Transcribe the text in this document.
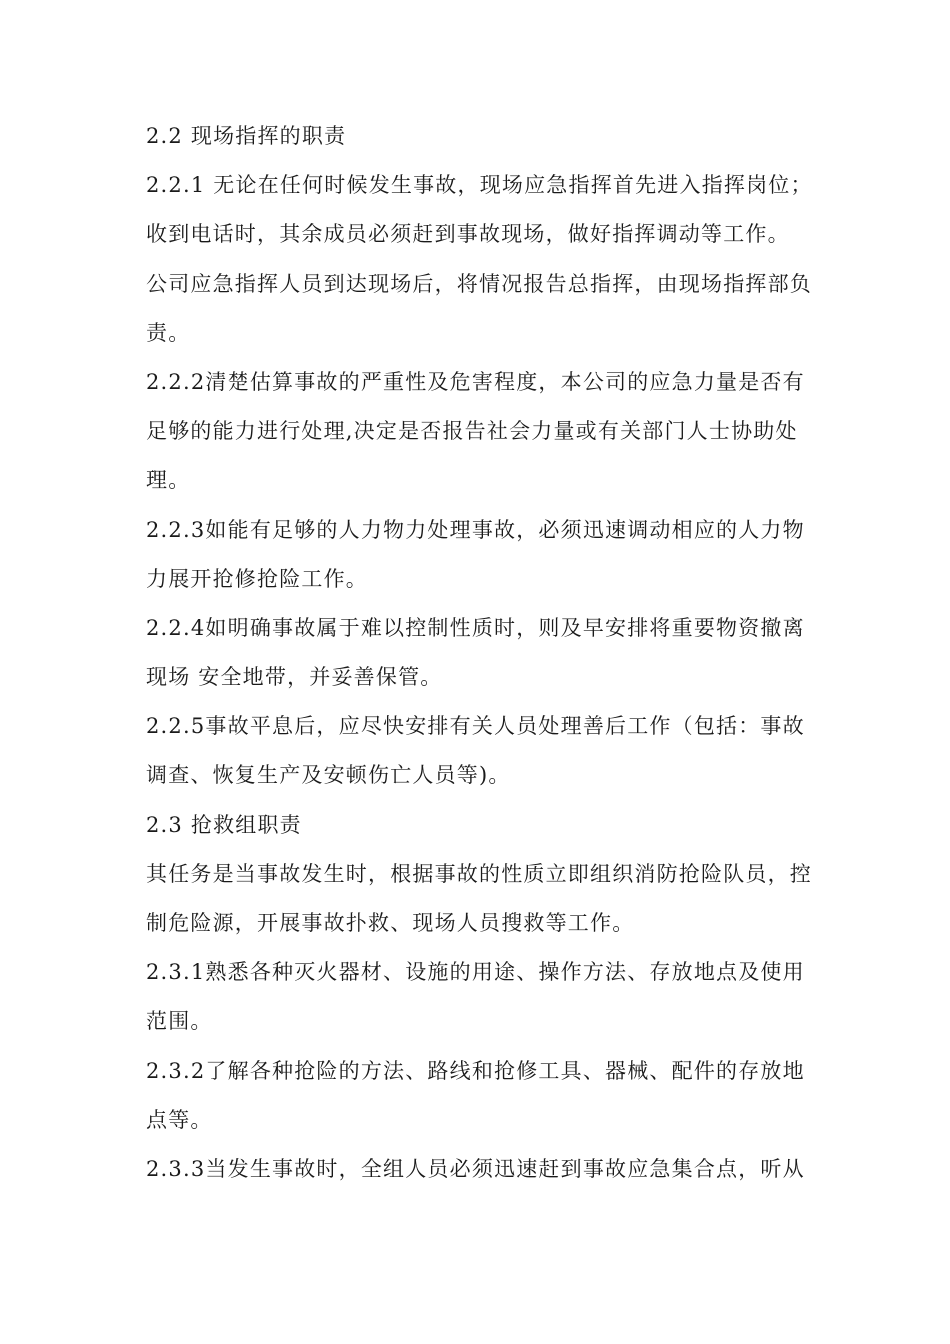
2.2 现场指挥的职责
2.2.1 无论在任何时候发生事故，现场应急指挥首先进入指挥岗位；
收到电话时，其余成员必须赶到事故现场，做好指挥调动等工作。
公司应急指挥人员到达现场后，将情况报告总指挥，由现场指挥部负
责。
2.2.2清楚估算事故的严重性及危害程度，本公司的应急力量是否有
足够的能力进行处理,决定是否报告社会力量或有关部门人士协助处
理。
2.2.3如能有足够的人力物力处理事故，必须迅速调动相应的人力物
力展开抢修抢险工作。
2.2.4如明确事故属于难以控制性质时，则及早安排将重要物资撤离
现场 安全地带，并妥善保管。
2.2.5事故平息后，应尽快安排有关人员处理善后工作（包括：事故
调查、恢复生产及安顿伤亡人员等)。
2.3 抢救组职责
其任务是当事故发生时，根据事故的性质立即组织消防抢险队员，控
制危险源，开展事故扑救、现场人员搜救等工作。
2.3.1熟悉各种灭火器材、设施的用途、操作方法、存放地点及使用
范围。
2.3.2了解各种抢险的方法、路线和抢修工具、器械、配件的存放地
点等。
2.3.3当发生事故时，全组人员必须迅速赶到事故应急集合点，听从
